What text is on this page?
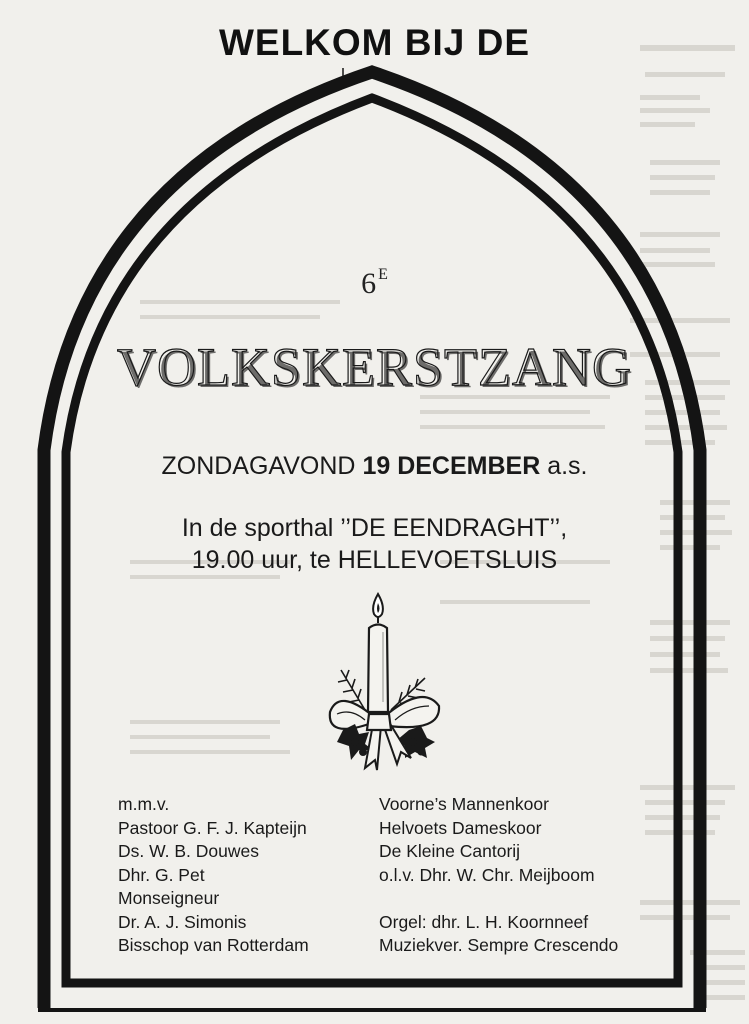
WELKOM BIJ DE
6 $^E$
VOLKSKERSTZANG
ZONDAGAVOND 19 DECEMBER a.s.
In de sporthal ’’DE EENDRAGHT’’,
19.00 uur, te HELLEVOETSLUIS
m.m.v.
Pastoor G. F. J. Kapteijn
Ds. W. B. Douwes
Dhr. G. Pet
Monseigneur
Dr. A. J. Simonis
Bisschop van Rotterdam
Voorne’s Mannenkoor
Helvoets Dameskoor
De Kleine Cantorij
o.l.v. Dhr. W. Chr. Meijboom
Orgel: dhr. L. H. Koornneef
Muziekver. Sempre Crescendo
